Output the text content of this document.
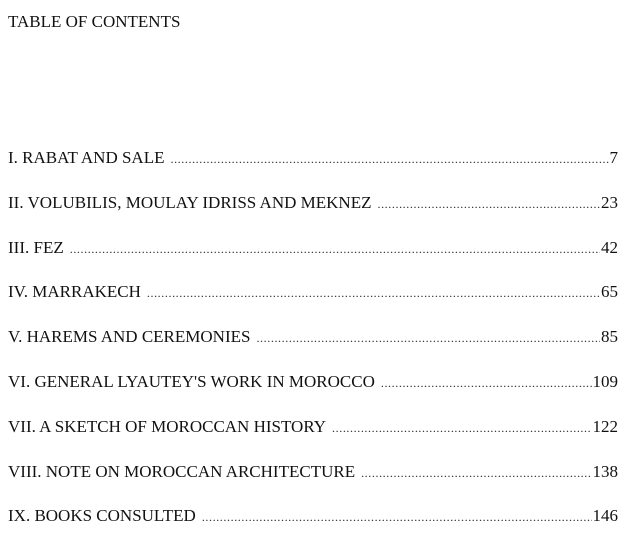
TABLE OF CONTENTS
I. RABAT AND SALE .....	7
II. VOLUBILIS, MOULAY IDRISS AND MEKNEZ .....	23
III. FEZ .....	42
IV. MARRAKECH .....	65
V. HAREMS AND CEREMONIES .....	85
VI. GENERAL LYAUTEY'S WORK IN MOROCCO .....	109
VII. A SKETCH OF MOROCCAN HISTORY .....	122
VIII. NOTE ON MOROCCAN ARCHITECTURE .....	138
IX. BOOKS CONSULTED .....	146
